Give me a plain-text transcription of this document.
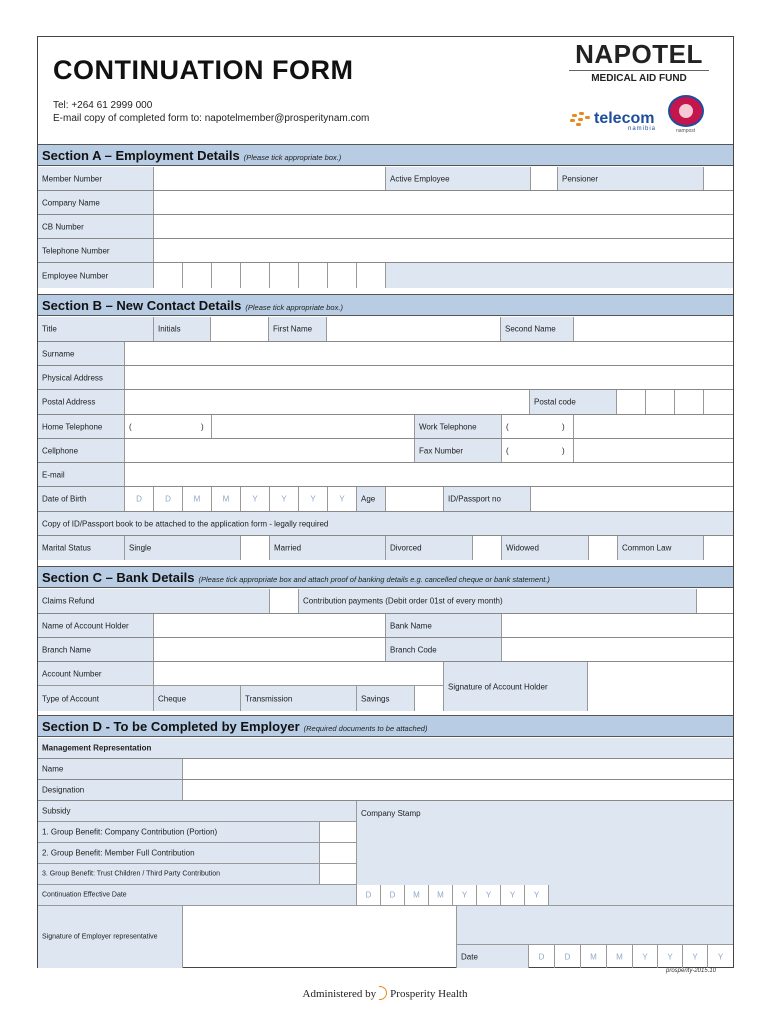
CONTINUATION FORM
Tel: +264 61 2999 000
E-mail copy of completed form to: napotelmember@prosperitynam.com
NAPOTEL
MEDICAL AID FUND
telecom
namibia	nampost
Section A – Employment Details (Please tick appropriate box.)
Member Number	Active Employee	Pensioner
Company Name
CB Number
Telephone Number
Employee Number
Section B – New Contact Details (Please tick appropriate box.)
Title	Initials	First Name	Second Name
Surname
Physical Address
Postal Address	Postal code
Home Telephone	(	)	Work Telephone	(	)
Cellphone	Fax Number	(	)
E-mail
Date of Birth	D	D	M	M	Y	Y	Y	Y	Age	ID/Passport no
Copy of ID/Passport book to be attached to the application form - legally required
Marital Status	Single	Married	Divorced	Widowed	Common Law
Section C – Bank Details (Please tick appropriate box and attach proof of banking details e.g. cancelled cheque or bank statement.)
Claims Refund	Contribution payments (Debit order 01st of every month)
Name of Account Holder	Bank Name
Branch Name	Branch Code
Account Number
Signature of Account Holder
Type of Account	Cheque	Transmission	Savings
Section D - To be Completed by Employer (Required documents to be attached)
Management Representation
Name
Designation
Subsidy
1. Group Benefit: Company Contribution (Portion)
2. Group Benefit: Member Full Contribution
3. Group Benefit: Trust Children / Third Party Contribution
Company Stamp
Continuation Effective Date	D	D	M	M	Y	Y	Y	Y
Signature of Employer representative
Date	D	D	M	M	Y	Y	Y	Y
prosperity-2015.10
Administered by Prosperity Health
